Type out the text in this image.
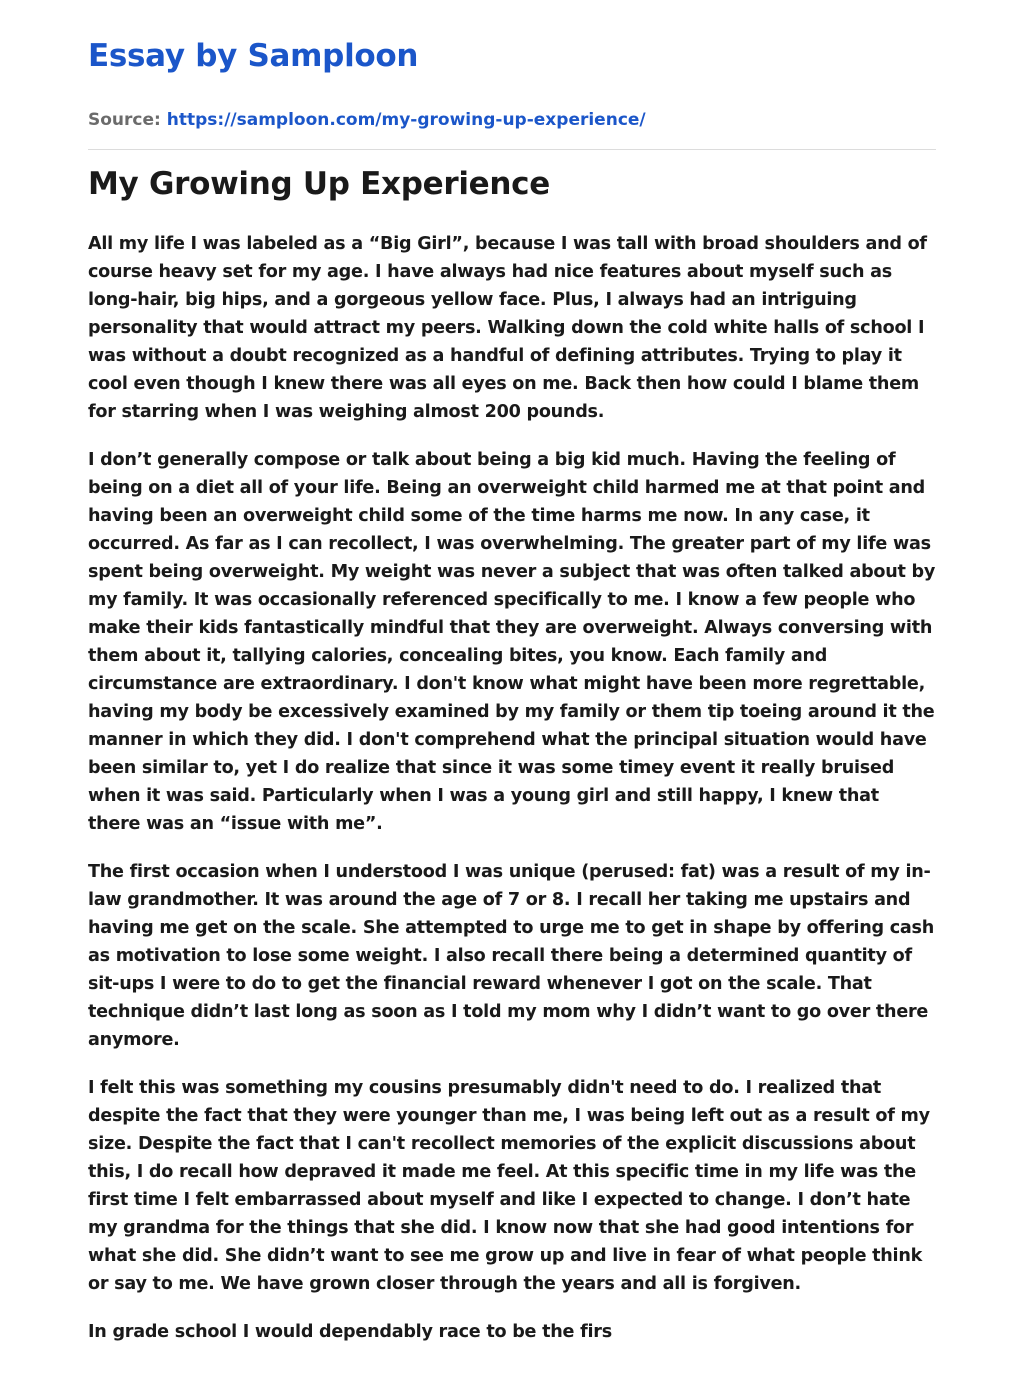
Essay by Samploon
Source: https://samploon.com/my-growing-up-experience/
My Growing Up Experience

All my life I was labeled as a “Big Girl”, because I was tall with broad shoulders and of course heavy set for my age. I have always had nice features about myself such as long-hair, big hips, and a gorgeous yellow face. Plus, I always had an intriguing personality that would attract my peers. Walking down the cold white halls of school I was without a doubt recognized as a handful of defining attributes. Trying to play it cool even though I knew there was all eyes on me. Back then how could I blame them for starring when I was weighing almost 200 pounds.

I don’t generally compose or talk about being a big kid much. Having the feeling of being on a diet all of your life. Being an overweight child harmed me at that point and having been an overweight child some of the time harms me now. In any case, it occurred. As far as I can recollect, I was overwhelming. The greater part of my life was spent being overweight. My weight was never a subject that was often talked about by my family. It was occasionally referenced specifically to me. I know a few people who make their kids fantastically mindful that they are overweight. Always conversing with them about it, tallying calories, concealing bites, you know. Each family and circumstance are extraordinary. I don't know what might have been more regrettable, having my body be excessively examined by my family or them tip toeing around it the manner in which they did. I don't comprehend what the principal situation would have been similar to, yet I do realize that since it was some timey event it really bruised when it was said. Particularly when I was a young girl and still happy, I knew that there was an “issue with me”.

The first occasion when I understood I was unique (perused: fat) was a result of my in-law grandmother. It was around the age of 7 or 8. I recall her taking me upstairs and having me get on the scale. She attempted to urge me to get in shape by offering cash as motivation to lose some weight. I also recall there being a determined quantity of sit-ups I were to do to get the financial reward whenever I got on the scale. That technique didn’t last long as soon as I told my mom why I didn’t want to go over there anymore.

I felt this was something my cousins presumably didn't need to do. I realized that despite the fact that they were younger than me, I was being left out as a result of my size. Despite the fact that I can't recollect memories of the explicit discussions about this, I do recall how depraved it made me feel. At this specific time in my life was the first time I felt embarrassed about myself and like I expected to change. I don’t hate my grandma for the things that she did. I know now that she had good intentions for what she did. She didn’t want to see me grow up and live in fear of what people think or say to me. We have grown closer through the years and all is forgiven.

In grade school I would dependably race to be the firs
